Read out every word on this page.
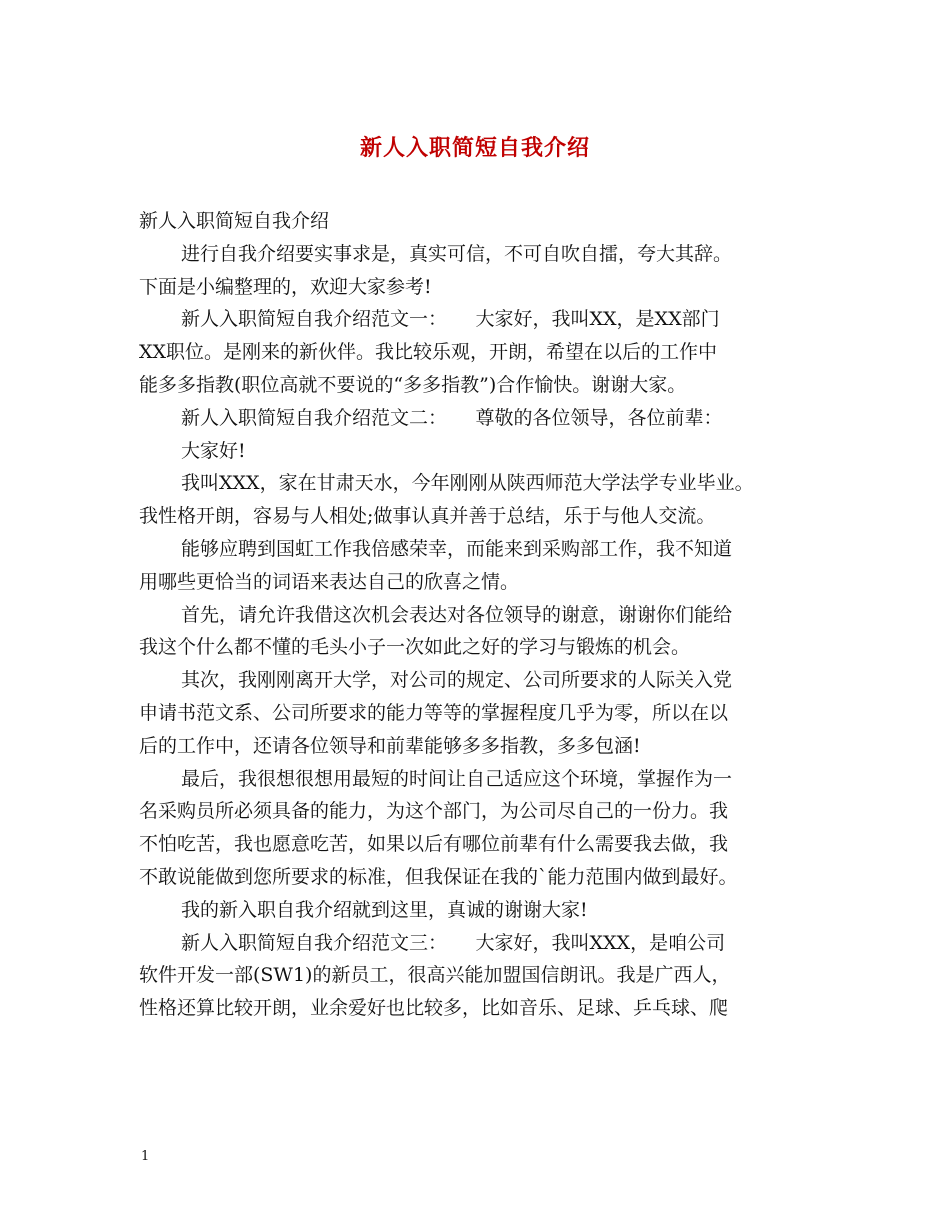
新人入职简短自我介绍
新人入职简短自我介绍
进行自我介绍要实事求是，真实可信，不可自吹自擂，夸大其辞。
下面是小编整理的，欢迎大家参考!
新人入职简短自我介绍范文一：　　大家好，我叫XX，是XX部门
XX职位。是刚来的新伙伴。我比较乐观，开朗，希望在以后的工作中
能多多指教(职位高就不要说的“多多指教”)合作愉快。谢谢大家。
新人入职简短自我介绍范文二：　　尊敬的各位领导，各位前辈：
大家好!
我叫XXX，家在甘肃天水，今年刚刚从陕西师范大学法学专业毕业。
我性格开朗，容易与人相处;做事认真并善于总结，乐于与他人交流。
能够应聘到国虹工作我倍感荣幸，而能来到采购部工作，我不知道
用哪些更恰当的词语来表达自己的欣喜之情。
首先，请允许我借这次机会表达对各位领导的谢意，谢谢你们能给
我这个什么都不懂的毛头小子一次如此之好的学习与锻炼的机会。
其次，我刚刚离开大学，对公司的规定、公司所要求的人际关入党
申请书范文系、公司所要求的能力等等的掌握程度几乎为零，所以在以
后的工作中，还请各位领导和前辈能够多多指教，多多包涵!
最后，我很想很想用最短的时间让自己适应这个环境，掌握作为一
名采购员所必须具备的能力，为这个部门，为公司尽自己的一份力。我
不怕吃苦，我也愿意吃苦，如果以后有哪位前辈有什么需要我去做，我
不敢说能做到您所要求的标准，但我保证在我的`能力范围内做到最好。
我的新入职自我介绍就到这里，真诚的谢谢大家!
新人入职简短自我介绍范文三：　　大家好，我叫XXX，是咱公司
软件开发一部(SW1)的新员工，很高兴能加盟国信朗讯。我是广西人，
性格还算比较开朗，业余爱好也比较多，比如音乐、足球、乒乓球、爬
1
